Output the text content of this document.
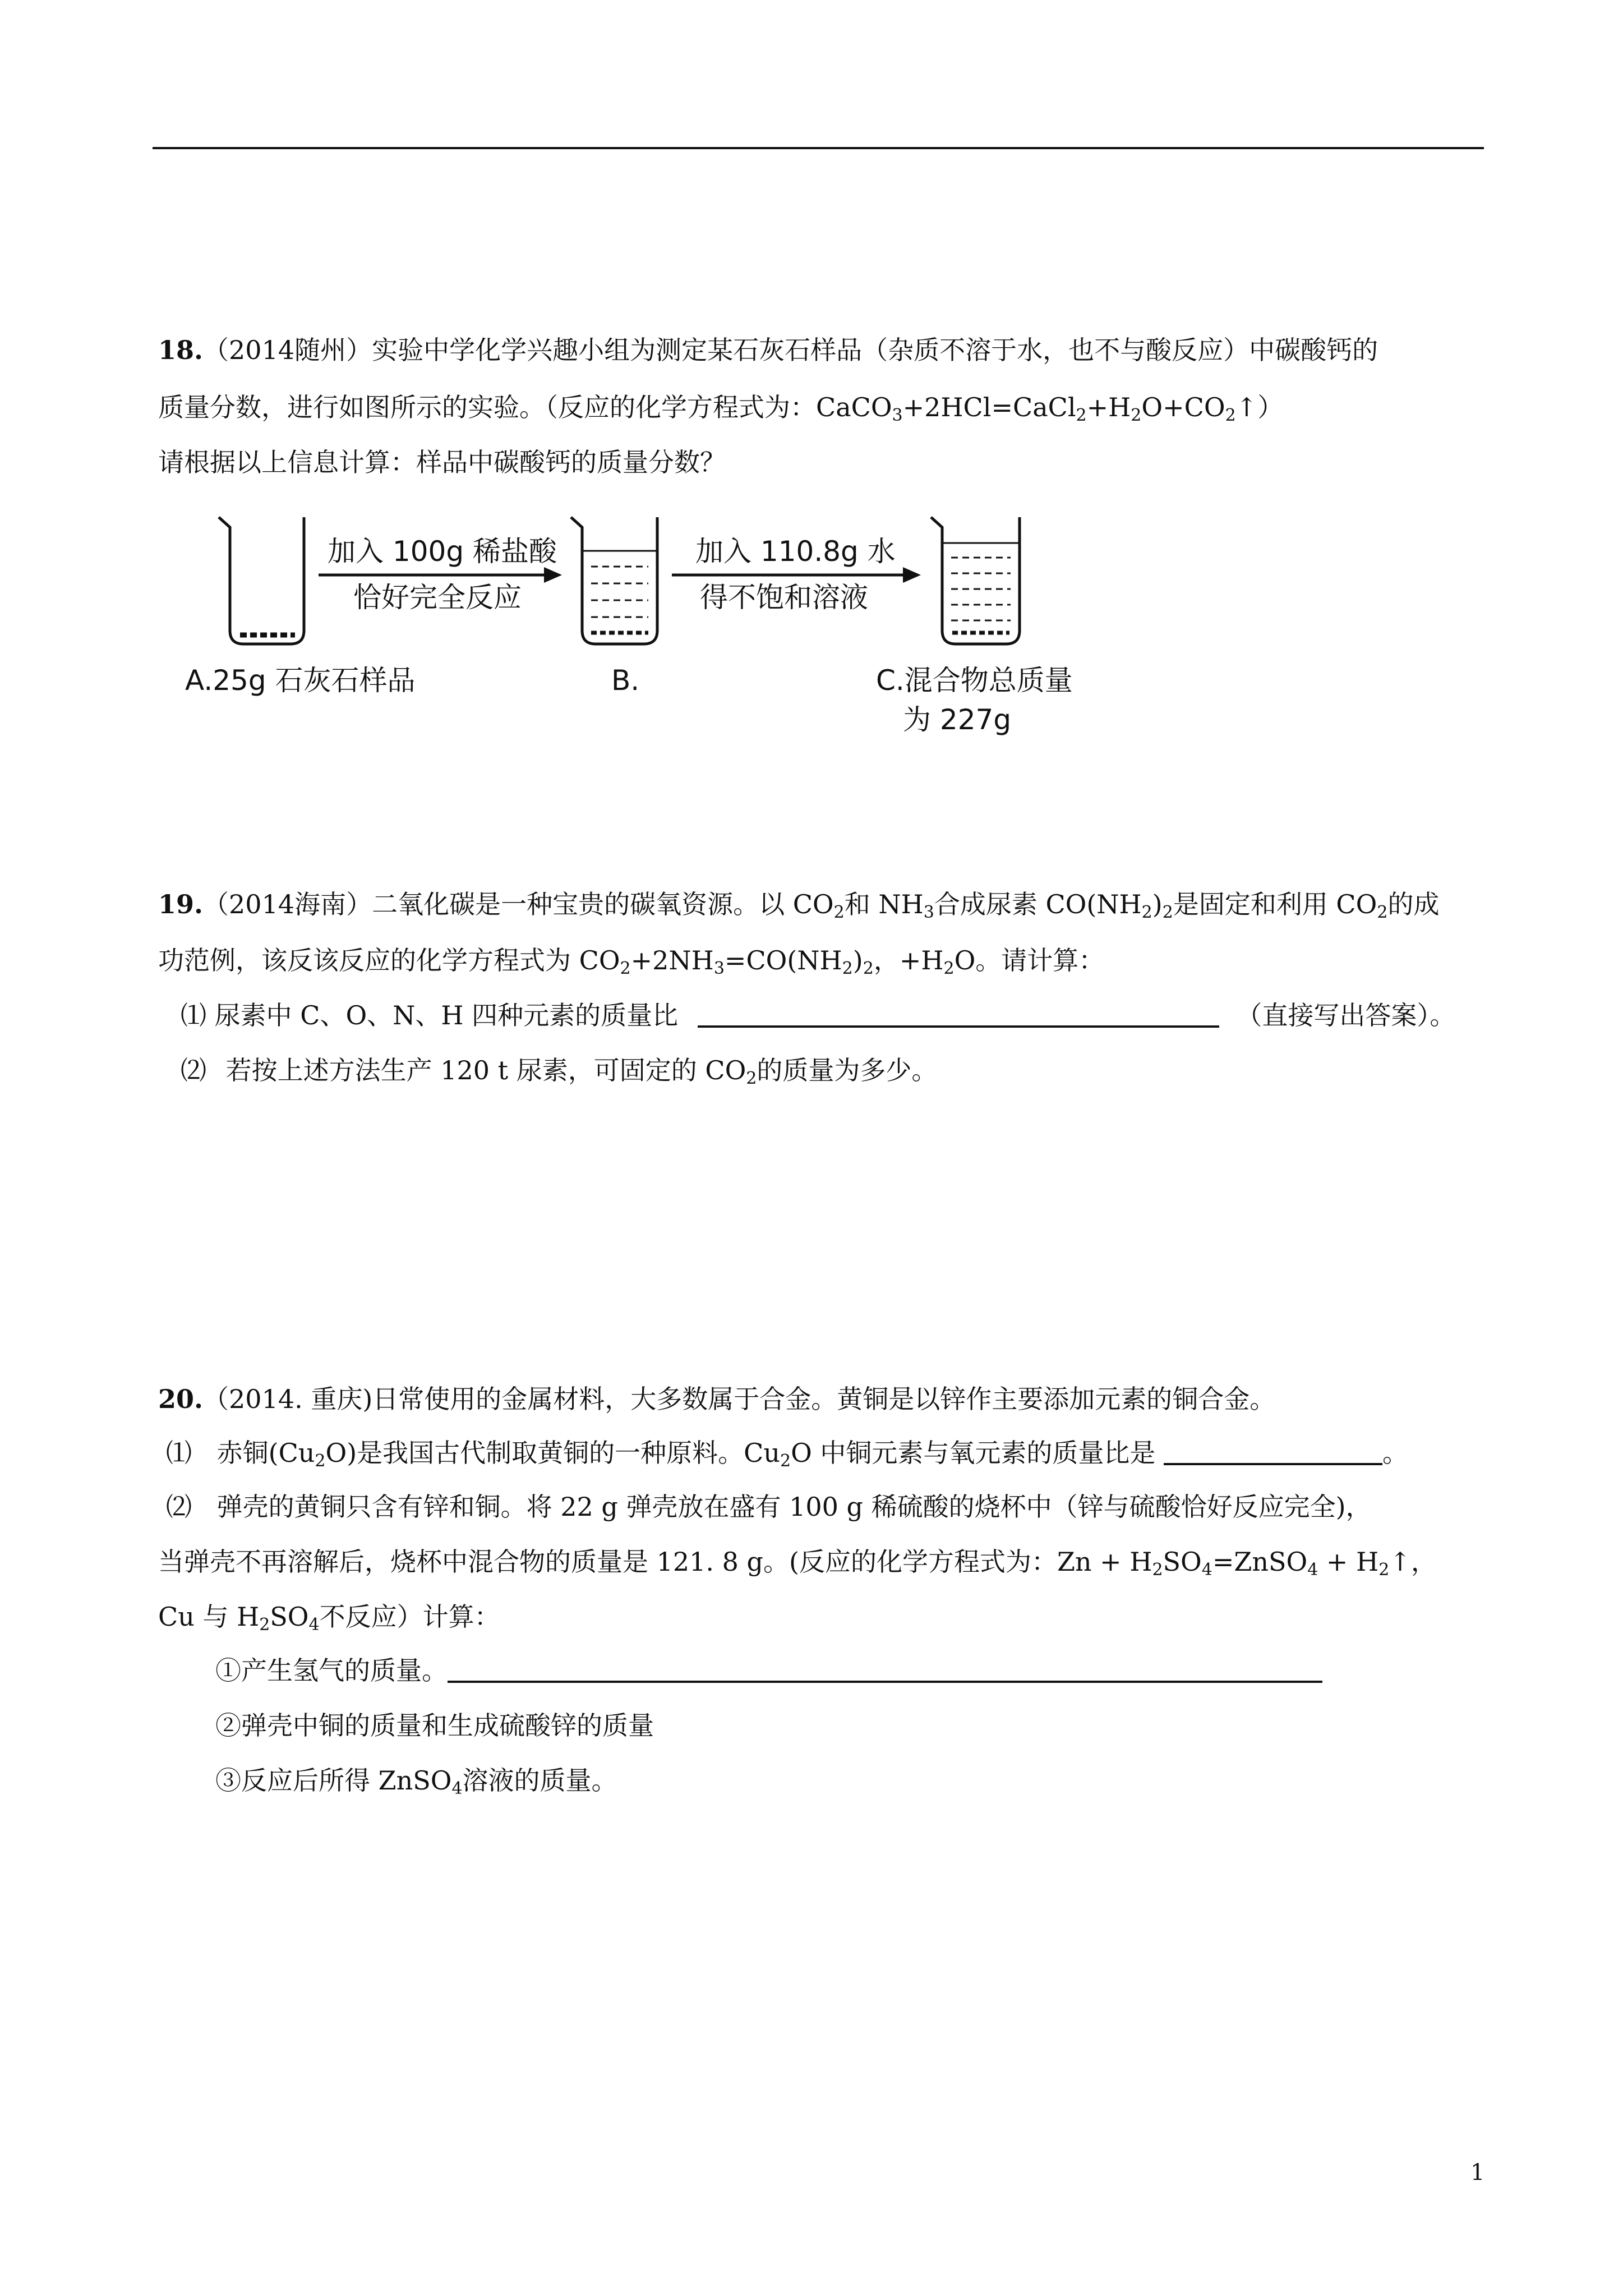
18.（2014随州）实验中学化学兴趣小组为测定某石灰石样品（杂质不溶于水，也不与酸反应）中碳酸钙的
质量分数，进行如图所示的实验。（反应的化学方程式为：$CaCO_3+2HCl=CaCl_2+H_2O+CO_2↑$）
请根据以上信息计算：样品中碳酸钙的质量分数？
加入 100g 稀盐酸
恰好完全反应
加入 110.8g 水
得不饱和溶液
A.25g 石灰石样品	B.	C.混合物总质量
为 227g
19.（2014海南）二氧化碳是一种宝贵的碳氧资源。以 $CO_2$和 $NH_3$合成尿素 $CO(NH_2)_2$是固定和利用 $CO_2$的成
功范例，该反该反应的化学方程式为 $CO_2+2NH_3=CO(NH_2)_2$，$+H_2O$。请计算：
⑴ 尿素中 C、O、N、H 四种元素的质量比	（直接写出答案）。
⑵ 若按上述方法生产 120 t 尿素，可固定的 $CO_2$的质量为多少。
20.（2014. 重庆)日常使用的金属材料，大多数属于合金。黄铜是以锌作主要添加元素的铜合金。
⑴ 赤铜$(Cu_2O)$是我国古代制取黄铜的一种原料。$Cu_2O$ 中铜元素与氧元素的质量比是	。
⑵ 弹壳的黄铜只含有锌和铜。将 22 g 弹壳放在盛有 100 g 稀硫酸的烧杯中（锌与硫酸恰好反应完全)，
当弹壳不再溶解后，烧杯中混合物的质量是 121. 8 g。(反应的化学方程式为：$Zn + H_2SO_4=ZnSO_4$ + $H_2↑$，
Cu 与 $H_2SO_4$不反应）计算：
①产生氢气的质量。
②弹壳中铜的质量和生成硫酸锌的质量
③反应后所得 ZnSO$_4$溶液的质量。
1
